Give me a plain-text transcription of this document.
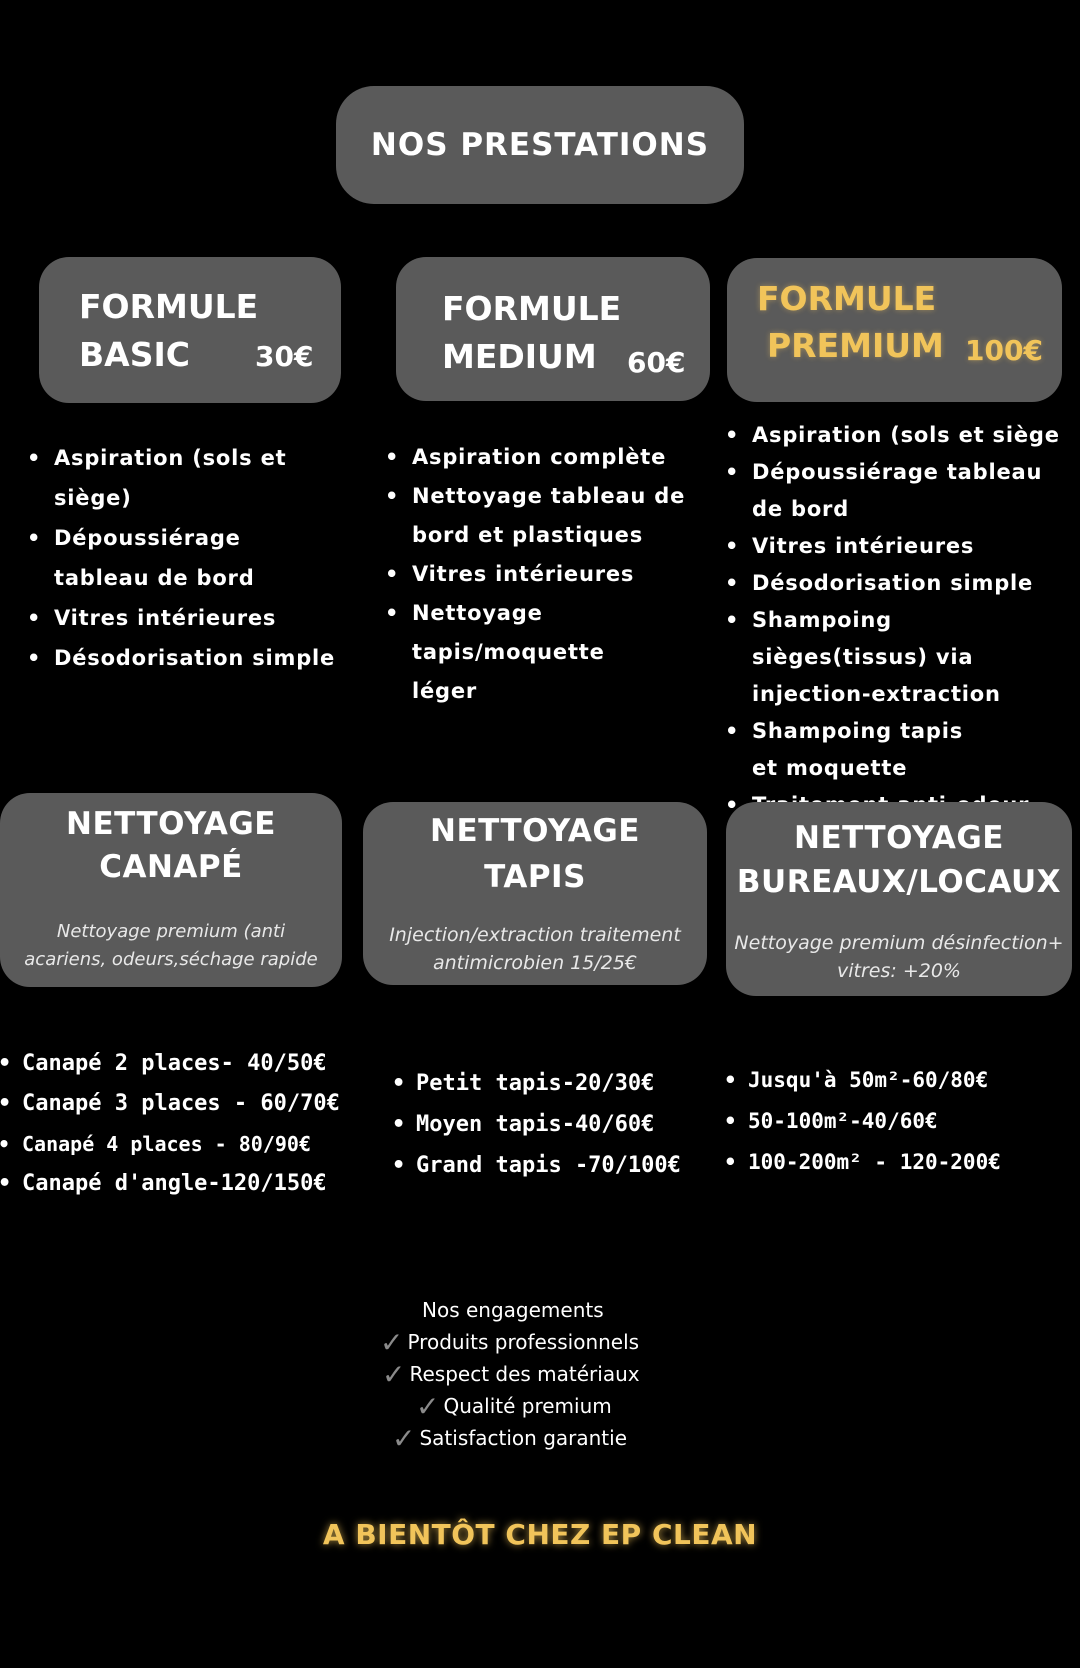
NOS PRESTATIONS
FORMULE
BASIC 30€
FORMULE
MEDIUM 60€
FORMULE
PREMIUM 100€
• Aspiration (sols et siège)
• Dépoussiérage tableau de bord
• Vitres intérieures
• Désodorisation simple
• Aspiration complète
• Nettoyage tableau de bord et plastiques
• Vitres intérieures
• Nettoyage tapis/moquette léger
• Aspiration (sols et siège
• Dépoussiérage tableau de bord
• Vitres intérieures
• Désodorisation simple
• Shampoing sièges(tissus) via injection-extraction
• Shampoing tapis et moquette
•
NETTOYAGE
CANAPÉ
Nettoyage premium (anti
acariens, odeurs,séchage rapide
NETTOYAGE
TAPIS
Injection/extraction traitement
antimicrobien 15/25€
NETTOYAGE
BUREAUX/LOCAUX
Nettoyage premium désinfection+
vitres: +20%
• Canapé 2 places- 40/50€
• Canapé 3 places - 60/70€
• Canapé 4 places - 80/90€
• Canapé d'angle-120/150€
• Petit tapis-20/30€
• Moyen tapis-40/60€
• Grand tapis -70/100€
• Jusqu'à 50m²-60/80€
• 50-100m²-40/60€
• 100-200m² - 120-200€
Nos engagements
✓ Produits professionnels
✓ Respect des matériaux
✓ Qualité premium
✓ Satisfaction garantie
A BIENTÔT CHEZ EP CLEAN
